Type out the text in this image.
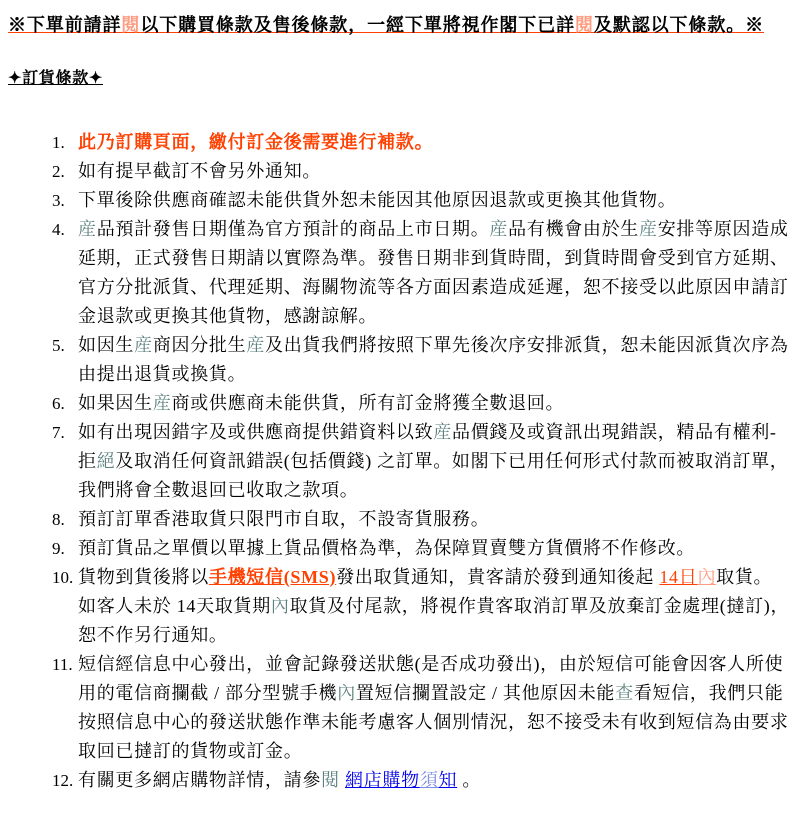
※下單前請詳閱以下購買條款及售後條款，一經下單將視作閣下已詳閱及默認以下條款。※
✦訂貨條款✦
1. 此乃訂購頁面，繳付訂金後需要進行補款。
2. 如有提早截訂不會另外通知。
3. 下單後除供應商確認未能供貨外恕未能因其他原因退款或更換其他貨物。
4. 産品預計發售日期僅為官方預計的商品上市日期。産品有機會由於生産安排等原因造成延期，正式發售日期請以實際為準。發售日期非到貨時間，到貨時間會受到官方延期、官方分批派貨、代理延期、海關物流等各方面因素造成延遲，恕不接受以此原因申請訂金退款或更換其他貨物，感謝諒解。
5. 如因生産商因分批生産及出貨我們將按照下單先後次序安排派貨，恕未能因派貨次序為由提出退貨或換貨。
6. 如果因生産商或供應商未能供貨，所有訂金將獲全數退回。
7. 如有出現因錯字及或供應商提供錯資料以致産品價錢及或資訊出現錯誤，精品有權利-拒絕及取消任何資訊錯誤(包括價錢) 之訂單。如閣下已用任何形式付款而被取消訂單，我們將會全數退回已收取之款項。
8. 預訂訂單香港取貨只限門市自取，不設寄貨服務。
9. 預訂貨品之單價以單據上貨品價格為準，為保障買賣雙方貨價將不作修改。
10. 貨物到貨後將以手機短信(SMS)發出取貨通知，貴客請於發到通知後起 14日內取貨。如客人未於 14天取貨期內取貨及付尾款，將視作貴客取消訂單及放棄訂金處理(撻訂)，恕不作另行通知。
11. 短信經信息中心發出，並會記錄發送狀態(是否成功發出)，由於短信可能會因客人所使用的電信商攔截 / 部分型號手機內置短信攔置設定 / 其他原因未能查看短信，我們只能按照信息中心的發送狀態作準未能考慮客人個別情況，恕不接受未有收到短信為由要求取回已撻訂的貨物或訂金。
12. 有關更多網店購物詳情，請參閱 網店購物須知 。
